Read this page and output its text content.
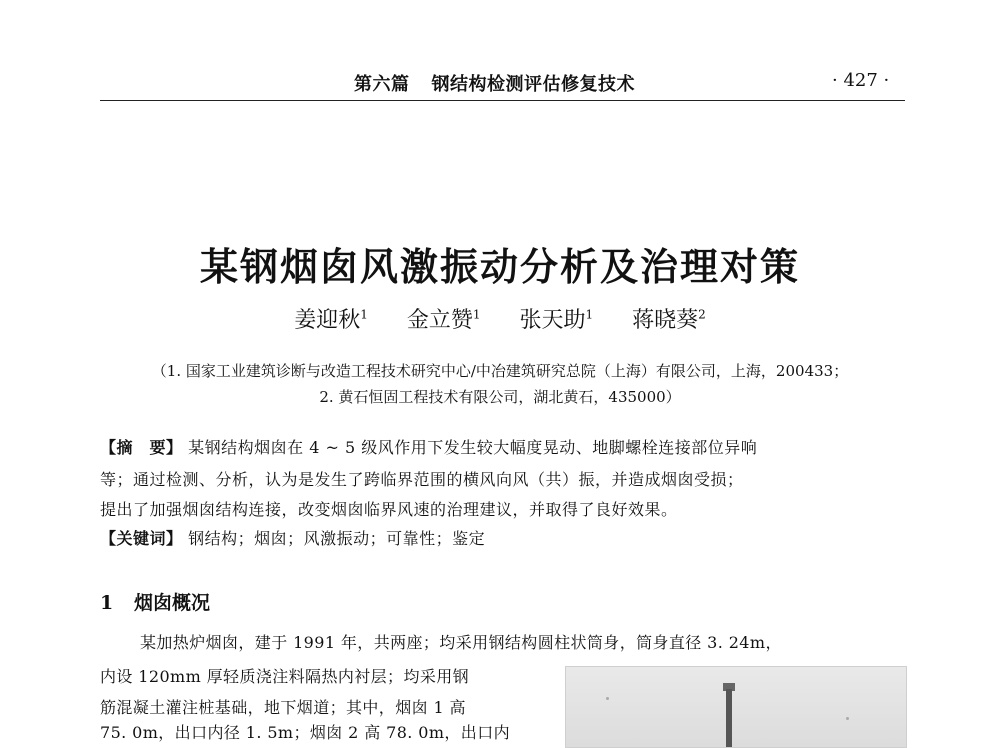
第六篇 钢结构检测评估修复技术	· 427 ·
某钢烟囱风激振动分析及治理对策
姜迎秋$^1$ 金立赞$^1$ 张天助$^1$ 蒋晓葵$^2$
（1. 国家工业建筑诊断与改造工程技术研究中心/中冶建筑研究总院（上海）有限公司，上海，200433；
2. 黄石恒固工程技术有限公司，湖北黄石，435000）
【摘　要】 某钢结构烟囱在 4 ~ 5 级风作用下发生较大幅度晃动、地脚螺栓连接部位异响
等；通过检测、分析，认为是发生了跨临界范围的横风向风（共）振，并造成烟囱受损；
提出了加强烟囱结构连接，改变烟囱临界风速的治理建议，并取得了良好效果。
【关键词】 钢结构；烟囱；风激振动；可靠性；鉴定
1 烟囱概况
某加热炉烟囱，建于 1991 年，共两座；均采用钢结构圆柱状筒身，筒身直径 3. 24m，
内设 120mm 厚轻质浇注料隔热内衬层；均采用钢
筋混凝土灌注桩基础，地下烟道；其中，烟囱 1 高
75. 0m，出口内径 1. 5m；烟囱 2 高 78. 0m，出口内
